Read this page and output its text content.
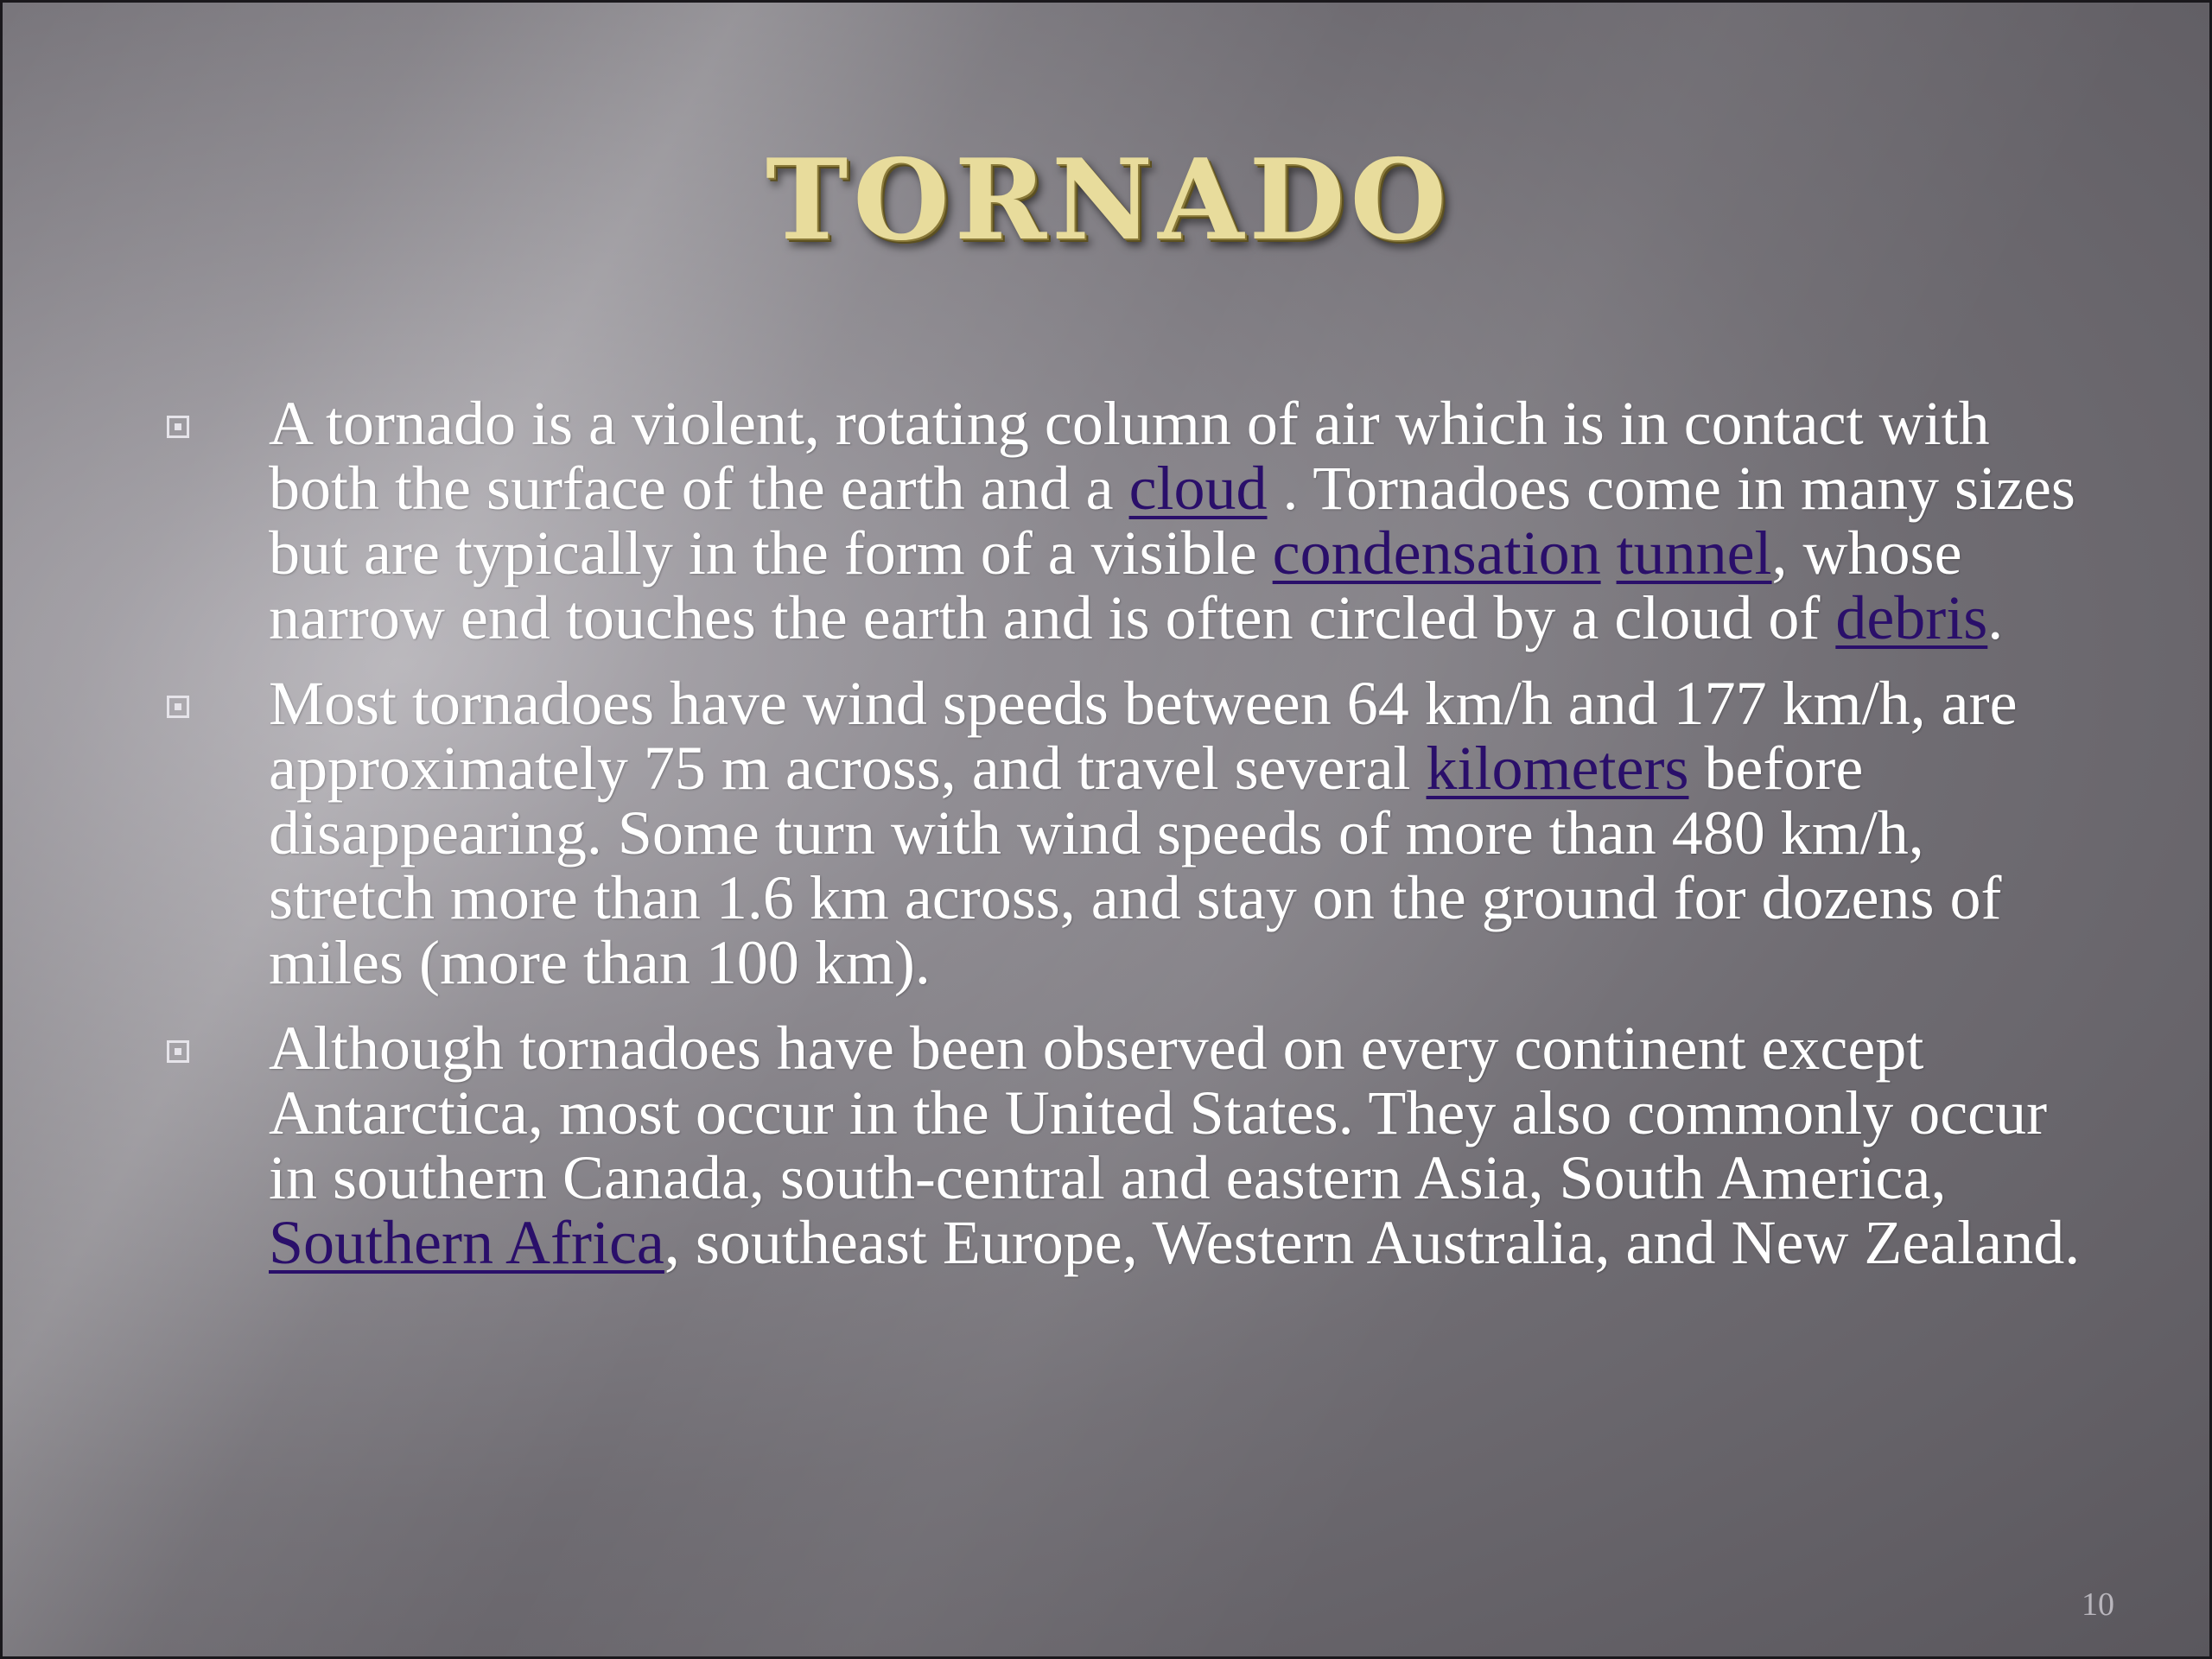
TORNADO
A tornado is a violent, rotating column of air which is in contact with both the surface of the earth and a cloud . Tornadoes come in many sizes but are typically in the form of a visible condensation tunnel, whose narrow end touches the earth and is often circled by a cloud of debris.
Most tornadoes have wind speeds between 64 km/h and 177 km/h, are approximately 75 m across, and travel several kilometers before disappearing. Some turn with wind speeds of more than 480 km/h, stretch more than 1.6 km across, and stay on the ground for dozens of miles (more than 100 km).
Although tornadoes have been observed on every continent except Antarctica, most occur in the United States. They also commonly occur in southern Canada, south-central and eastern Asia, South America, Southern Africa, southeast Europe, Western Australia, and New Zealand.
10
